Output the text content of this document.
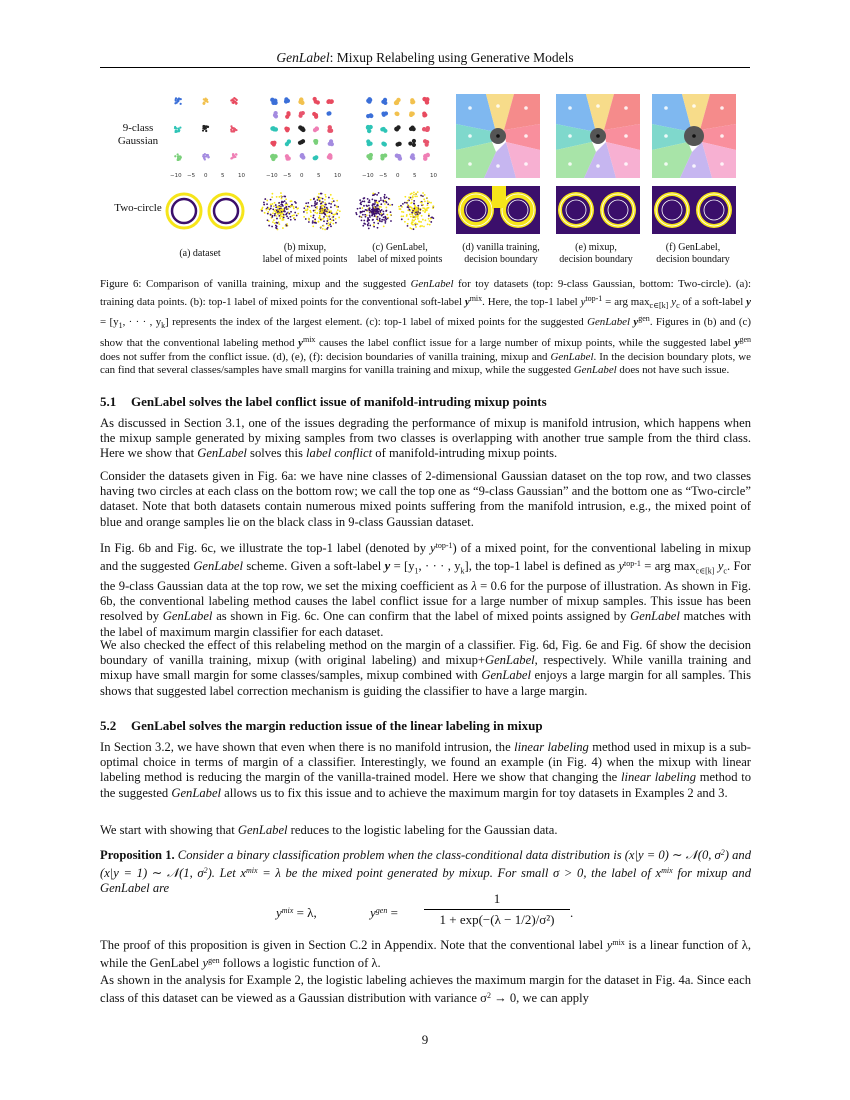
GenLabel: Mixup Relabeling using Generative Models
9-class
Gaussian
Two-circle
−10 −5 0 5 10	−10 −5 0 5 10	−10 −5 0 5 10
(a) dataset
(b) mixup,
label of mixed points
(c) GenLabel,
label of mixed points
(d) vanilla training,
decision boundary
(e) mixup,
decision boundary
(f) GenLabel,
decision boundary
Figure 6: Comparison of vanilla training, mixup and the suggested GenLabel for toy datasets (top: 9-class Gaussian, bottom: Two-circle). (a): training data points. (b): top-1 label of mixed points for the conventional soft-label $y^{mix}$. Here, the top-1 label $y^{top-1}$ = arg $\max_{c\in[k]} y_c$ of a soft-label $y = [y_1$, · · · , $y_k$] represents the index of the largest element. (c): top-1 label of mixed points for the suggested GenLabel $y^{gen}$. Figures in (b) and (c) show that the conventional labeling method $y^{mix}$ causes the label conflict issue for a large number of mixup points, while the suggested label $y^{gen}$ does not suffer from the conflict issue. (d), (e), (f): decision boundaries of vanilla training, mixup and GenLabel. In the decision boundary plots, we can find that several classes/samples have small margins for vanilla training and mixup, while the suggested GenLabel does not have such issue.
5.1 GenLabel solves the label conflict issue of manifold-intruding mixup points

As discussed in Section 3.1, one of the issues degrading the performance of mixup is manifold intrusion, which happens when the mixup sample generated by mixing samples from two classes is overlapping with another true sample from the third class. Here we show that GenLabel solves this label conflict of manifold-intruding mixup points.

Consider the datasets given in Fig. 6a: we have nine classes of 2-dimensional Gaussian dataset on the top row, and two classes having two circles at each class on the bottom row; we call the top one as “9-class Gaussian” and the bottom one as “Two-circle” dataset. Note that both datasets contain numerous mixed points suffering from the manifold intrusion, e.g., the mixed point of blue and orange samples lie on the black class in 9-class Gaussian dataset.

In Fig. 6b and Fig. 6c, we illustrate the top-1 label (denoted by $y^{top-1}$) of a mixed point, for the conventional labeling in mixup and the suggested GenLabel scheme. Given a soft-label $y = [y_1$, · · · , $y_k$], the top-1 label is defined as $y^{top-1}$ = arg $\max_{c\in[k]} y_c$. For the 9-class Gaussian data at the top row, we set the mixing coefficient as λ = 0.6 for the purpose of illustration. As shown in Fig. 6b, the conventional labeling method causes the label conflict issue for a large number of mixup samples. This issue has been resolved by GenLabel as shown in Fig. 6c. One can confirm that the label of mixed points assigned by GenLabel matches with the label of maximum margin classifier for each dataset.

We also checked the effect of this relabeling method on the margin of a classifier. Fig. 6d, Fig. 6e and Fig. 6f show the decision boundary of vanilla training, mixup (with original labeling) and mixup+GenLabel, respectively. While vanilla training and mixup have small margin for some classes/samples, mixup combined with GenLabel enjoys a large margin for all samples. This shows that suggested label correction mechanism is guiding the classifier to have a large margin.

5.2 GenLabel solves the margin reduction issue of the linear labeling in mixup

In Section 3.2, we have shown that even when there is no manifold intrusion, the linear labeling method used in mixup is a sub-optimal choice in terms of margin of a classifier. Interestingly, we found an example (in Fig. 4) when the mixup with linear labeling method is reducing the margin of the vanilla-trained model. Here we show that changing the linear labeling method to the suggested GenLabel allows us to fix this issue and to achieve the maximum margin for toy datasets in Examples 2 and 3.

We start with showing that GenLabel reduces to the logistic labeling for the Gaussian data.

Proposition 1. Consider a binary classification problem when the class-conditional data distribution is (x|y = 0) ∼ 𝒩(0, $\sigma^2$) and (x|y = 1) ∼ 𝒩(1, $\sigma^2$). Let $x^{mix} = \lambda$ be the mixed point generated by mixup. For small σ > 0, the label of $x^{mix}$ for mixup and GenLabel are

$y^{mix} = \lambda$,	$y^{gen}$ =
1
1 + exp(−(λ − 1/2)/σ²)	.

The proof of this proposition is given in Section C.2 in Appendix. Note that the conventional label $y^{mix}$ is a linear function of λ, while the GenLabel $y^{gen}$ follows a logistic function of λ.

As shown in the analysis for Example 2, the logistic labeling achieves the maximum margin for the dataset in Fig. 4a. Since each class of this dataset can be viewed as a Gaussian distribution with variance $\sigma^2 \to 0$, we can apply

9
